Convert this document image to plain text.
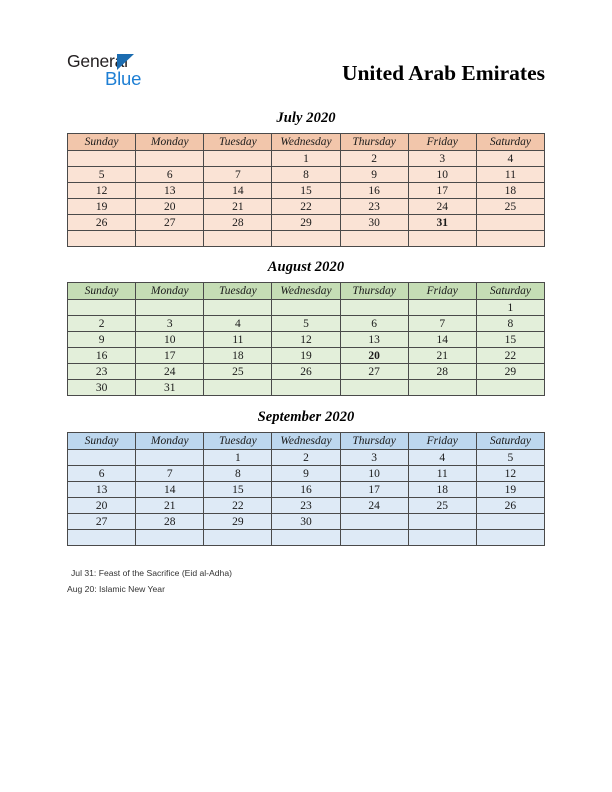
General
Blue	United Arab Emirates
July 2020
Sunday	Monday	Tuesday	Wednesday	Thursday	Friday	Saturday
			1	2	3	4
5	6	7	8	9	10	11
12	13	14	15	16	17	18
19	20	21	22	23	24	25
26	27	28	29	30	31	

August 2020
Sunday	Monday	Tuesday	Wednesday	Thursday	Friday	Saturday
						1
2	3	4	5	6	7	8
9	10	11	12	13	14	15
16	17	18	19	20	21	22
23	24	25	26	27	28	29
30	31					
September 2020
Sunday	Monday	Tuesday	Wednesday	Thursday	Friday	Saturday
		1	2	3	4	5
6	7	8	9	10	11	12
13	14	15	16	17	18	19
20	21	22	23	24	25	26
27	28	29	30			

Jul 31: Feast of the Sacrifice (Eid al-Adha)
Aug 20: Islamic New Year
